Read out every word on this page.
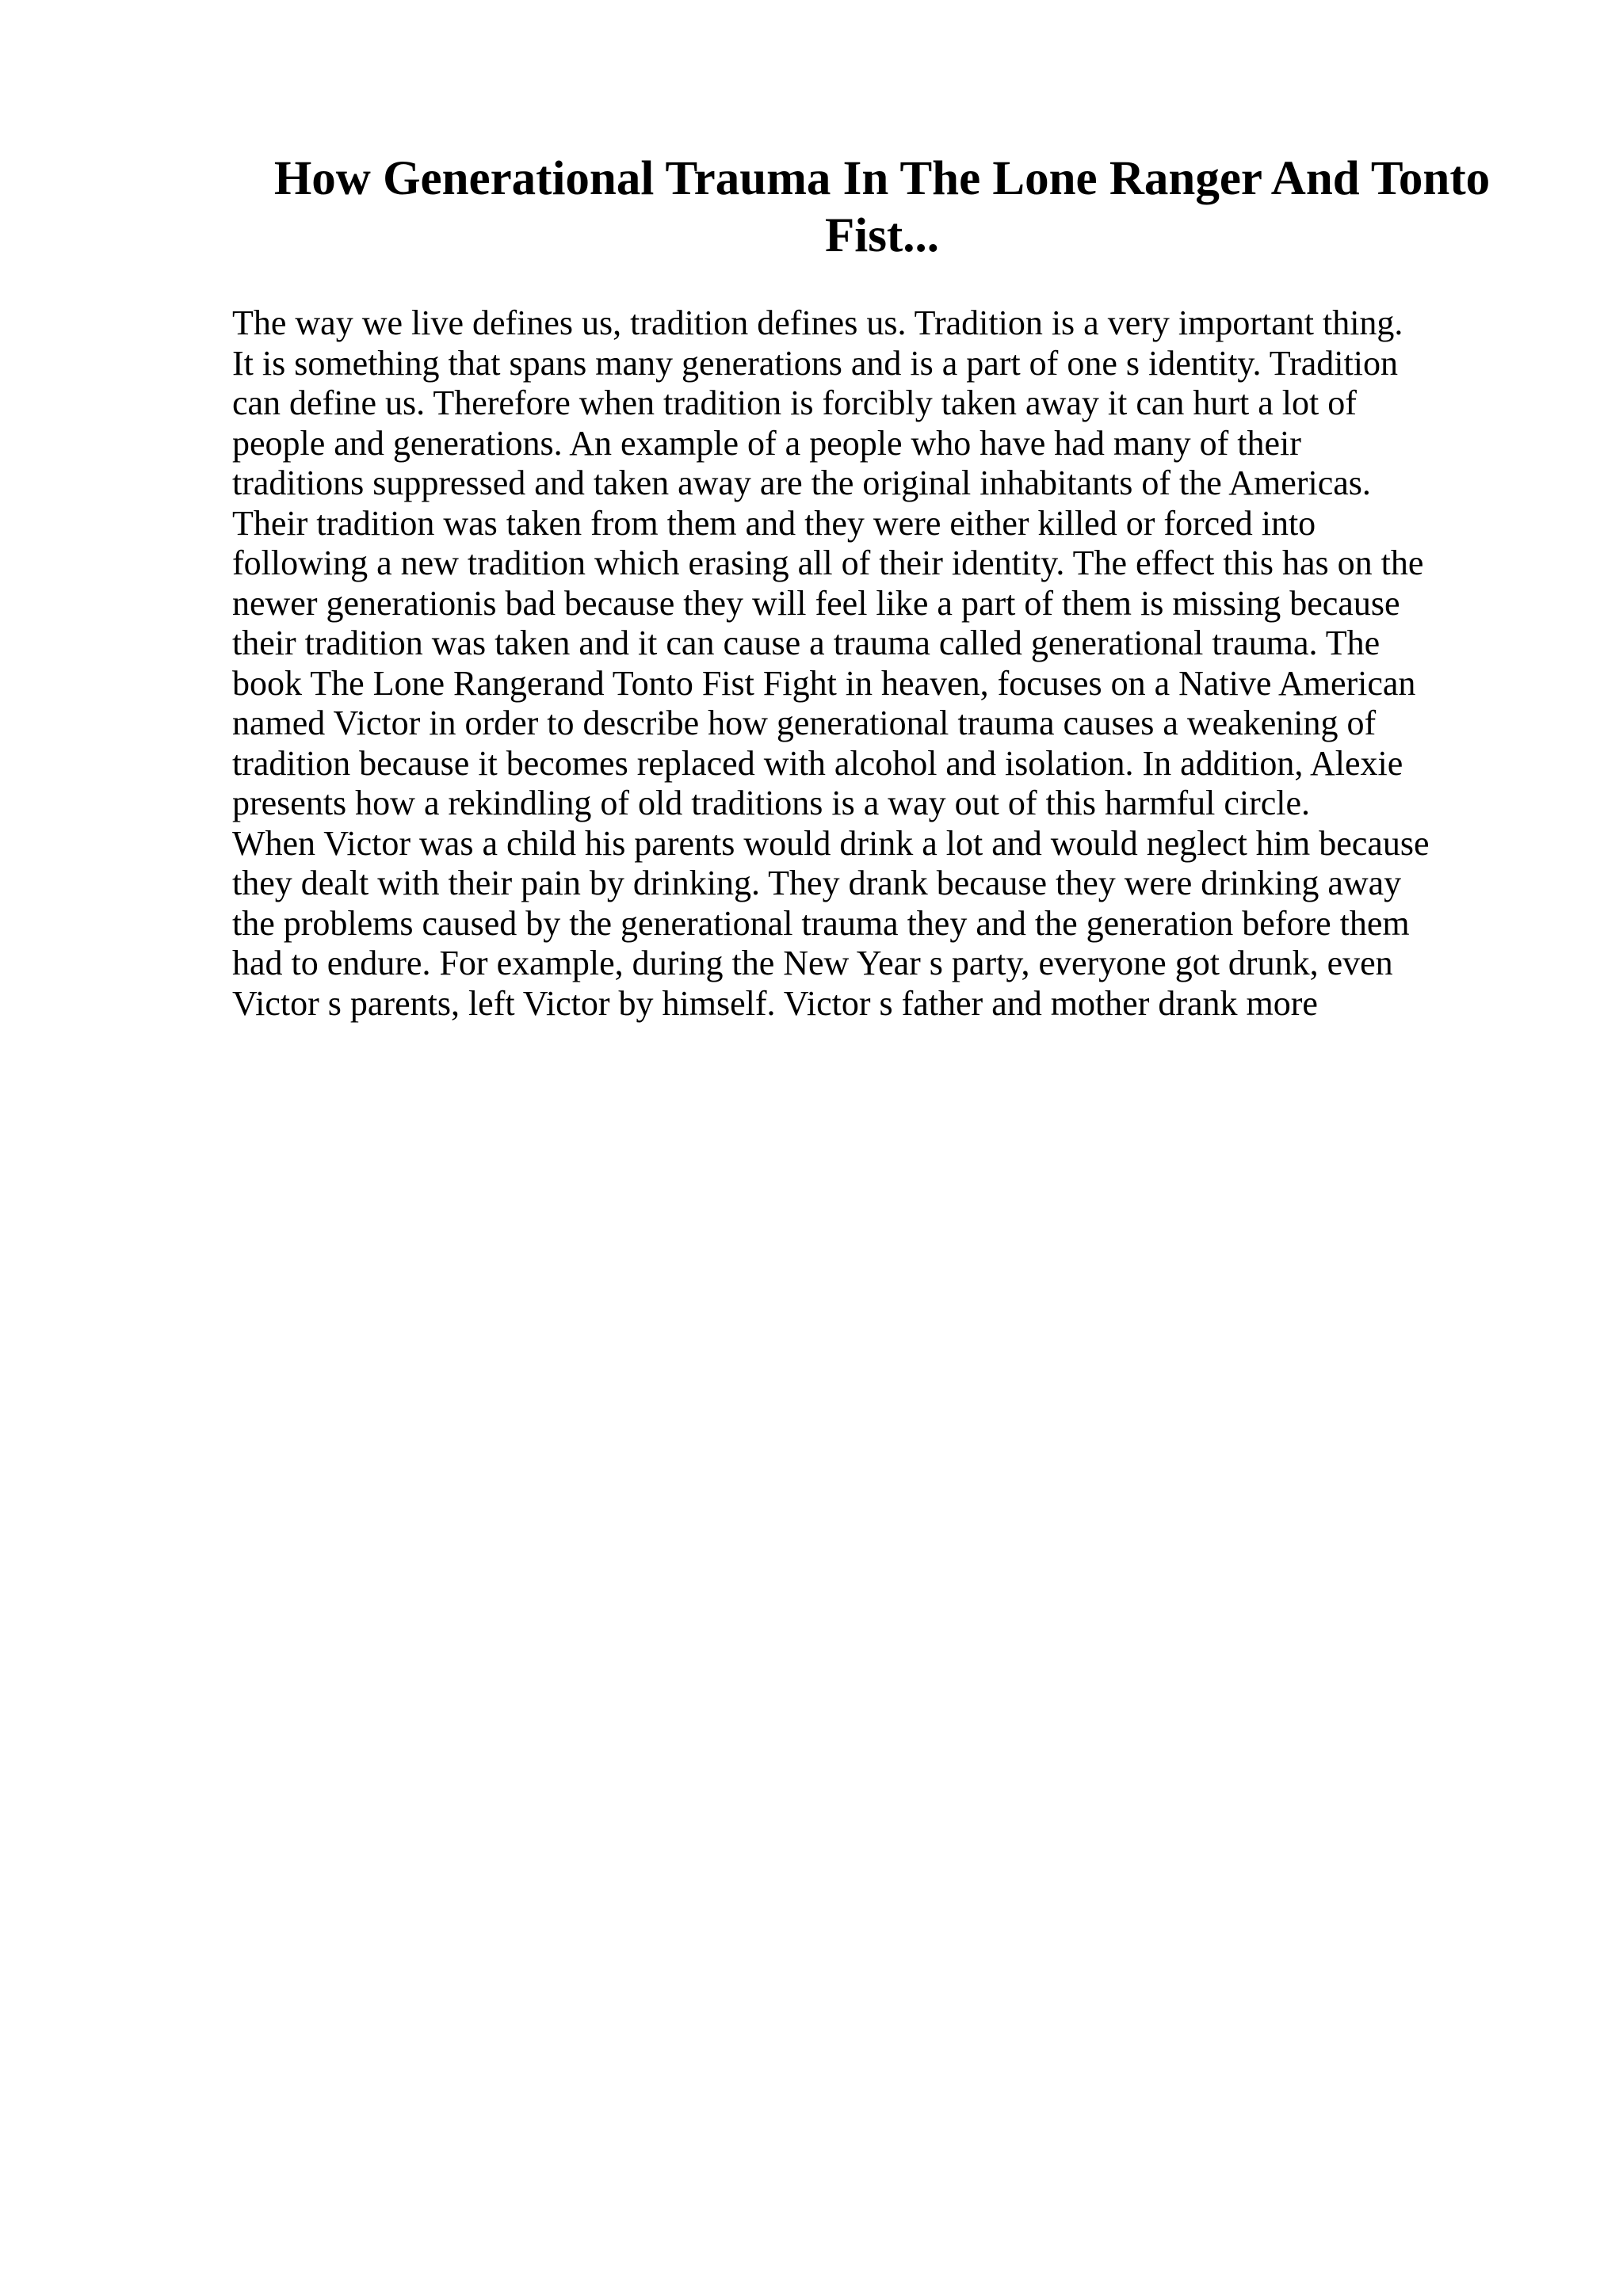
How Generational Trauma In The Lone Ranger And Tonto
Fist...
The way we live defines us, tradition defines us. Tradition is a very important thing.
It is something that spans many generations and is a part of one s identity. Tradition
can define us. Therefore when tradition is forcibly taken away it can hurt a lot of
people and generations. An example of a people who have had many of their
traditions suppressed and taken away are the original inhabitants of the Americas.
Their tradition was taken from them and they were either killed or forced into
following a new tradition which erasing all of their identity. The effect this has on the
newer generationis bad because they will feel like a part of them is missing because
their tradition was taken and it can cause a trauma called generational trauma. The
book The Lone Rangerand Tonto Fist Fight in heaven, focuses on a Native American
named Victor in order to describe how generational trauma causes a weakening of
tradition because it becomes replaced with alcohol and isolation. In addition, Alexie
presents how a rekindling of old traditions is a way out of this harmful circle.
When Victor was a child his parents would drink a lot and would neglect him because
they dealt with their pain by drinking. They drank because they were drinking away
the problems caused by the generational trauma they and the generation before them
had to endure. For example, during the New Year s party, everyone got drunk, even
Victor s parents, left Victor by himself. Victor s father and mother drank more
